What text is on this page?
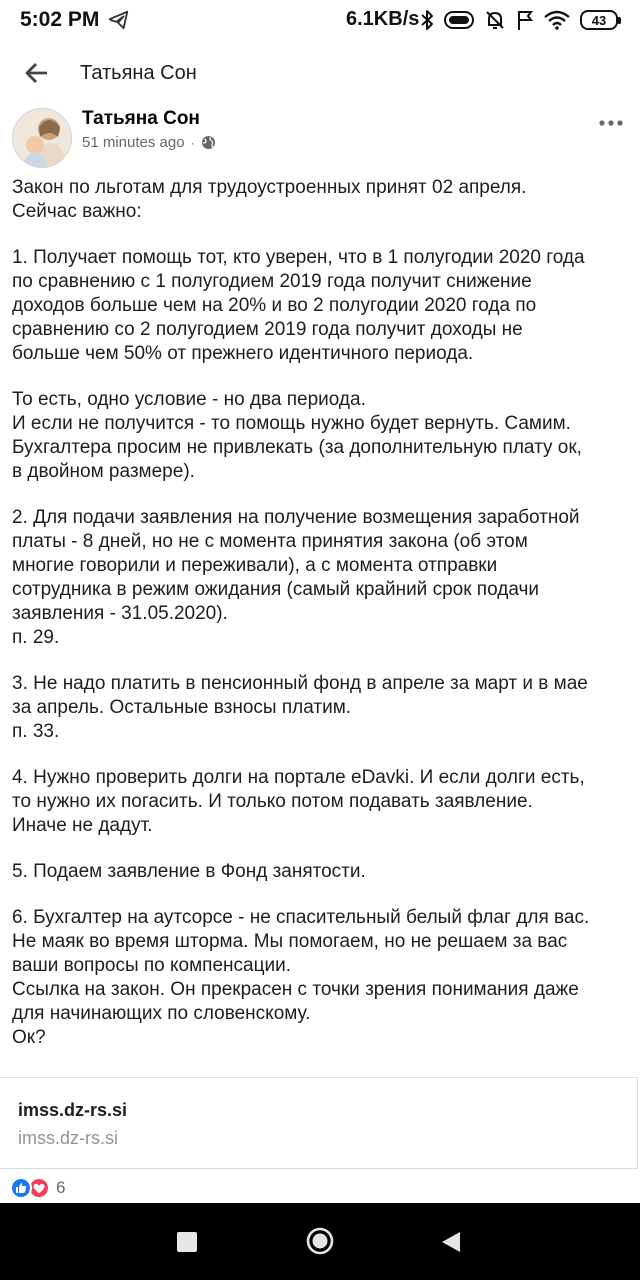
5:02 PM	6.1KB/s	43
Татьяна Сон
Татьяна Сон
51 minutes ago ·

Закон по льготам для трудоустроенных принят 02 апреля.
Сейчас важно:

1. Получает помощь тот, кто уверен, что в 1 полугодии 2020 года
по сравнению с 1 полугодием 2019 года получит снижение
доходов больше чем на 20% и во 2 полугодии 2020 года по
сравнению со 2 полугодием 2019 года получит доходы не
больше чем 50% от прежнего идентичного периода.

То есть, одно условие - но два периода.
И если не получится - то помощь нужно будет вернуть. Самим.
Бухгалтера просим не привлекать (за дополнительную плату ок,
в двойном размере).

2. Для подачи заявления на получение возмещения заработной
платы - 8 дней, но не с момента принятия закона (об этом
многие говорили и переживали), а с момента отправки
сотрудника в режим ожидания (самый крайний срок подачи
заявления - 31.05.2020).
п. 29.

3. Не надо платить в пенсионный фонд в апреле за март и в мае
за апрель. Остальные взносы платим.
п. 33.

4. Нужно проверить долги на портале eDavki. И если долги есть,
то нужно их погасить. И только потом подавать заявление.
Иначе не дадут.

5. Подаем заявление в Фонд занятости.

6. Бухгалтер на аутсорсе - не спасительный белый флаг для вас.
Не маяк во время шторма. Мы помогаем, но не решаем за вас
ваши вопросы по компенсации.
Ссылка на закон. Он прекрасен с точки зрения понимания даже
для начинающих по словенскому.
Ок?

imss.dz-rs.si
imss.dz-rs.si
6
